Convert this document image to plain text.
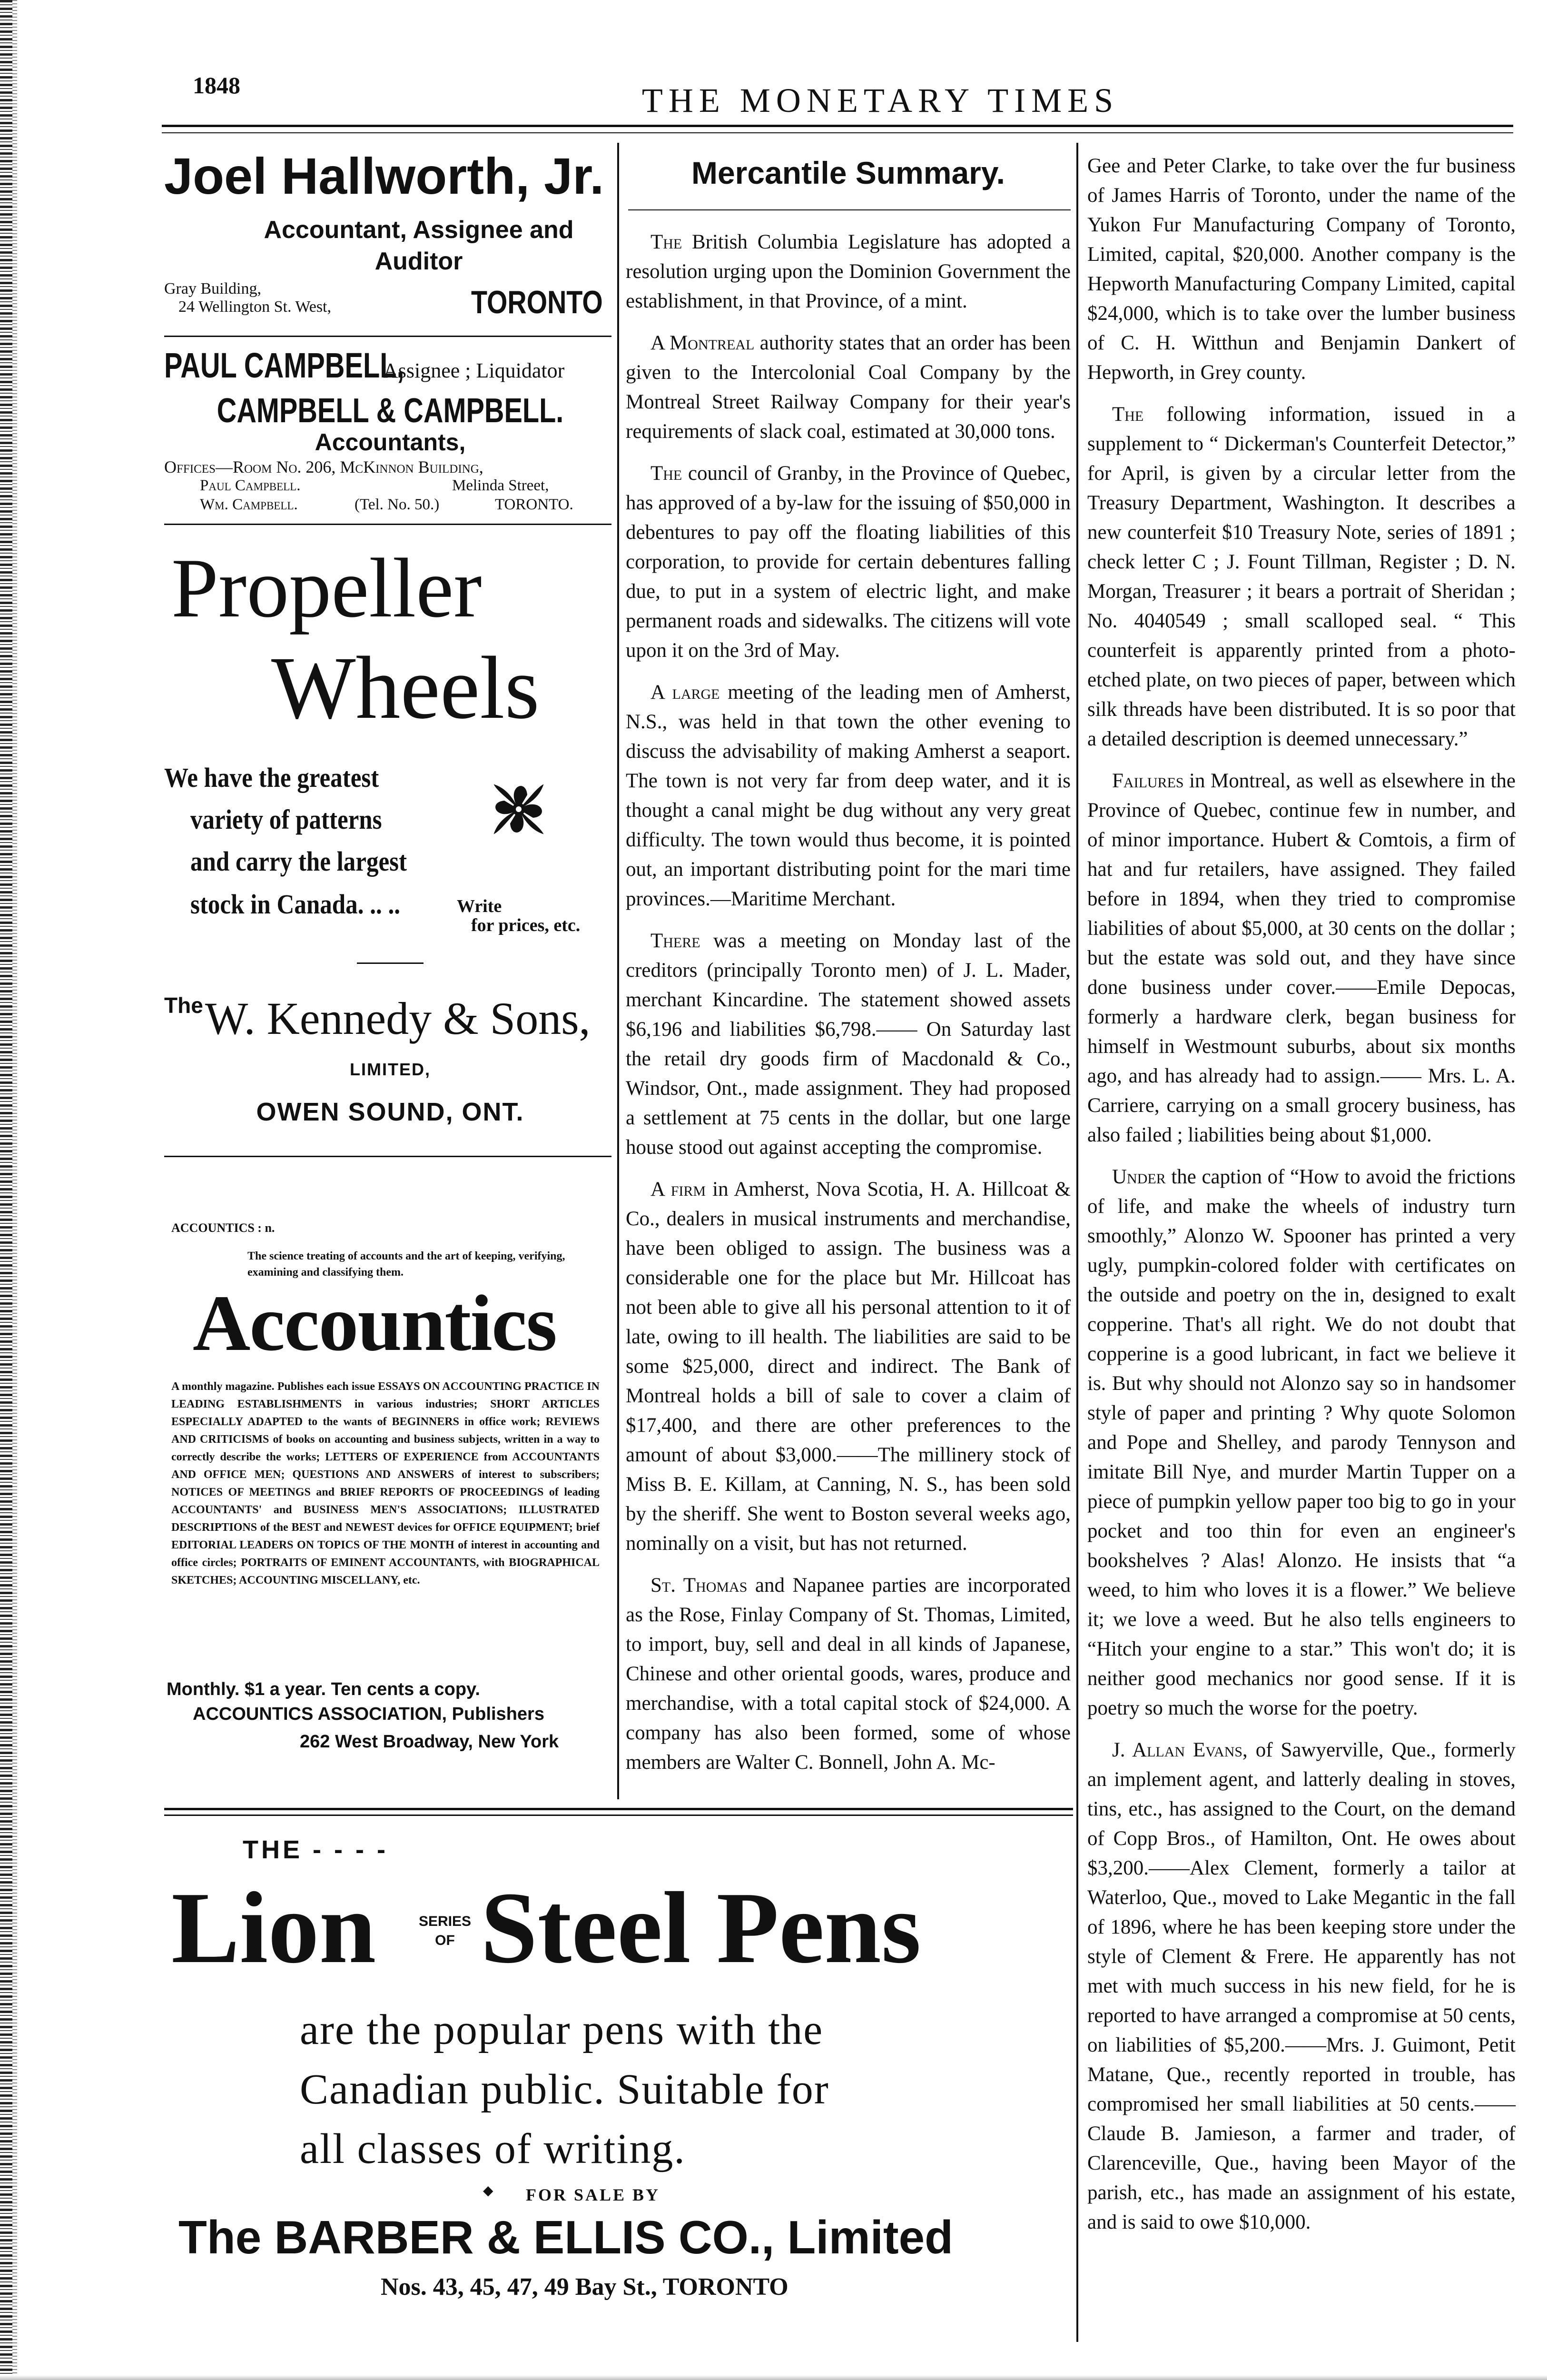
1848	THE MONETARY TIMES
Joel Hallworth, Jr.
Accountant, Assignee and Auditor
Gray Building,
24 Wellington St. West,	TORONTO
PAUL CAMPBELL,Assignee ; Liquidator
CAMPBELL & CAMPBELL.
Accountants,
Offices—Room No. 206, McKinnon Building,
Paul Campbell.	Melinda Street,
Wm. Campbell.	(Tel. No. 50.)	TORONTO.
Propeller
Wheels
We have the greatest
variety of patterns
and carry the largest
stock in Canada. .. ..	Write
for prices, etc.
The W. Kennedy & Sons,
LIMITED,
OWEN SOUND, ONT.
ACCOUNTICS : n.
The science treating of accounts and the art of keeping, verifying, examining and classifying them.
Accountics
A monthly magazine. Publishes each issue ESSAYS ON ACCOUNTING PRACTICE IN LEADING ESTABLISHMENTS in various industries; SHORT ARTICLES ESPECIALLY ADAPTED to the wants of BEGINNERS in office work; REVIEWS AND CRITICISMS of books on accounting and business subjects, written in a way to correctly describe the works; LETTERS OF EXPERIENCE from ACCOUNTANTS AND OFFICE MEN; QUESTIONS AND ANSWERS of interest to subscribers; NOTICES OF MEETINGS and BRIEF REPORTS OF PROCEEDINGS of leading ACCOUNTANTS' and BUSINESS MEN'S ASSOCIATIONS; ILLUSTRATED DESCRIPTIONS of the BEST and NEWEST devices for OFFICE EQUIPMENT; brief EDITORIAL LEADERS ON TOPICS OF THE MONTH of interest in accounting and office circles; PORTRAITS OF EMINENT ACCOUNTANTS, with BIOGRAPHICAL SKETCHES; ACCOUNTING MISCELLANY, etc.
Monthly. $1 a year. Ten cents a copy.
ACCOUNTICS ASSOCIATION, Publishers
262 West Broadway, New York
Mercantile Summary.

The British Columbia Legislature has adopted a resolution urging upon the Dominion Government the establishment, in that Province, of a mint.

A Montreal authority states that an order has been given to the Intercolonial Coal Company by the Montreal Street Railway Company for their year's requirements of slack coal, estimated at 30,000 tons.

The council of Granby, in the Province of Quebec, has approved of a by-law for the issuing of $50,000 in debentures to pay off the floating liabilities of this corporation, to provide for certain debentures falling due, to put in a system of electric light, and make permanent roads and sidewalks. The citizens will vote upon it on the 3rd of May.

A large meeting of the leading men of Amherst, N.S., was held in that town the other evening to discuss the advisability of making Amherst a seaport. The town is not very far from deep water, and it is thought a canal might be dug without any very great difficulty. The town would thus become, it is pointed out, an important distributing point for the mari time provinces.—Maritime Merchant.

There was a meeting on Monday last of the creditors (principally Toronto men) of J. L. Mader, merchant Kincardine. The statement showed assets $6,196 and liabilities $6,798.—— On Saturday last the retail dry goods firm of Macdonald & Co., Windsor, Ont., made assignment. They had proposed a settlement at 75 cents in the dollar, but one large house stood out against accepting the compromise.

A firm in Amherst, Nova Scotia, H. A. Hillcoat & Co., dealers in musical instruments and merchandise, have been obliged to assign. The business was a considerable one for the place but Mr. Hillcoat has not been able to give all his personal attention to it of late, owing to ill health. The liabilities are said to be some $25,000, direct and indirect. The Bank of Montreal holds a bill of sale to cover a claim of $17,400, and there are other preferences to the amount of about $3,000.——The millinery stock of Miss B. E. Killam, at Canning, N. S., has been sold by the sheriff. She went to Boston several weeks ago, nominally on a visit, but has not returned.

St. Thomas and Napanee parties are incorporated as the Rose, Finlay Company of St. Thomas, Limited, to import, buy, sell and deal in all kinds of Japanese, Chinese and other oriental goods, wares, produce and merchandise, with a total capital stock of $24,000. A company has also been formed, some of whose members are Walter C. Bonnell, John A. Mc-

Gee and Peter Clarke, to take over the fur business of James Harris of Toronto, under the name of the Yukon Fur Manufacturing Company of Toronto, Limited, capital, $20,000. Another company is the Hepworth Manufacturing Company Limited, capital $24,000, which is to take over the lumber business of C. H. Witthun and Benjamin Dankert of Hepworth, in Grey county.

The following information, issued in a supplement to “ Dickerman's Counterfeit Detector,” for April, is given by a circular letter from the Treasury Department, Washington. It describes a new counterfeit $10 Treasury Note, series of 1891 ; check letter C ; J. Fount Tillman, Register ; D. N. Morgan, Treasurer ; it bears a portrait of Sheridan ; No. 4040549 ; small scalloped seal. “ This counterfeit is apparently printed from a photo-etched plate, on two pieces of paper, between which silk threads have been distributed. It is so poor that a detailed description is deemed unnecessary.”

Failures in Montreal, as well as elsewhere in the Province of Quebec, continue few in number, and of minor importance. Hubert & Comtois, a firm of hat and fur retailers, have assigned. They failed before in 1894, when they tried to compromise liabilities of about $5,000, at 30 cents on the dollar ; but the estate was sold out, and they have since done business under cover.——Emile Depocas, formerly a hardware clerk, began business for himself in Westmount suburbs, about six months ago, and has already had to assign.—— Mrs. L. A. Carriere, carrying on a small grocery business, has also failed ; liabilities being about $1,000.

Under the caption of “How to avoid the frictions of life, and make the wheels of industry turn smoothly,” Alonzo W. Spooner has printed a very ugly, pumpkin-colored folder with certificates on the outside and poetry on the in, designed to exalt copperine. That's all right. We do not doubt that copperine is a good lubricant, in fact we believe it is. But why should not Alonzo say so in handsomer style of paper and printing ? Why quote Solomon and Pope and Shelley, and parody Tennyson and imitate Bill Nye, and murder Martin Tupper on a piece of pumpkin yellow paper too big to go in your pocket and too thin for even an engineer's bookshelves ? Alas! Alonzo. He insists that “a weed, to him who loves it is a flower.” We believe it; we love a weed. But he also tells engineers to “Hitch your engine to a star.” This won't do; it is neither good mechanics nor good sense. If it is poetry so much the worse for the poetry.

J. Allan Evans, of Sawyerville, Que., formerly an implement agent, and latterly dealing in stoves, tins, etc., has assigned to the Court, on the demand of Copp Bros., of Hamilton, Ont. He owes about $3,200.——Alex Clement, formerly a tailor at Waterloo, Que., moved to Lake Megantic in the fall of 1896, where he has been keeping store under the style of Clement & Frere. He apparently has not met with much success in his new field, for he is reported to have arranged a compromise at 50 cents, on liabilities of $5,200.——Mrs. J. Guimont, Petit Matane, Que., recently reported in trouble, has compromised her small liabilities at 50 cents.——Claude B. Jamieson, a farmer and trader, of Clarenceville, Que., having been Mayor of the parish, etc., has made an assignment of his estate, and is said to owe $10,000.

THE - - - -
Lion	SERIES
OF Steel Pens
are the popular pens with the
Canadian public. Suitable for
all classes of writing.
◆ FOR SALE BY
The BARBER & ELLIS CO., Limited
Nos. 43, 45, 47, 49 Bay St., TORONTO
